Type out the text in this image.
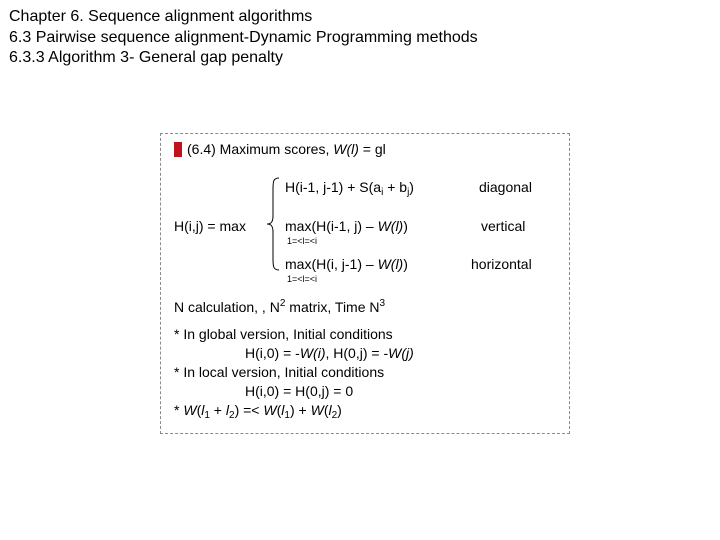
Chapter 6. Sequence alignment algorithms
6.3 Pairwise sequence alignment-Dynamic Programming methods
6.3.3 Algorithm 3- General gap penalty
(6.4) Maximum scores, W(l) = gl
H(i,j) = max
H(i-1, $j-1) + S(a_i + b_j)$	diagonal
max(H(i-1, j) – W(l))
1=<l=<i
vertical
max(H(i, j-1) – W(l))
1=<l=<i
horizontal
N calculation, , $N^2$ matrix, Time $N^3$
* In global version, Initial conditions
H(i,0) = -W(i), H(0,j) = -W(j)
* In local version, Initial conditions
H(i,0) = H(0,j) = 0
* $W(l_1 + l_2) =< W(l_1) + W(l_2)$
